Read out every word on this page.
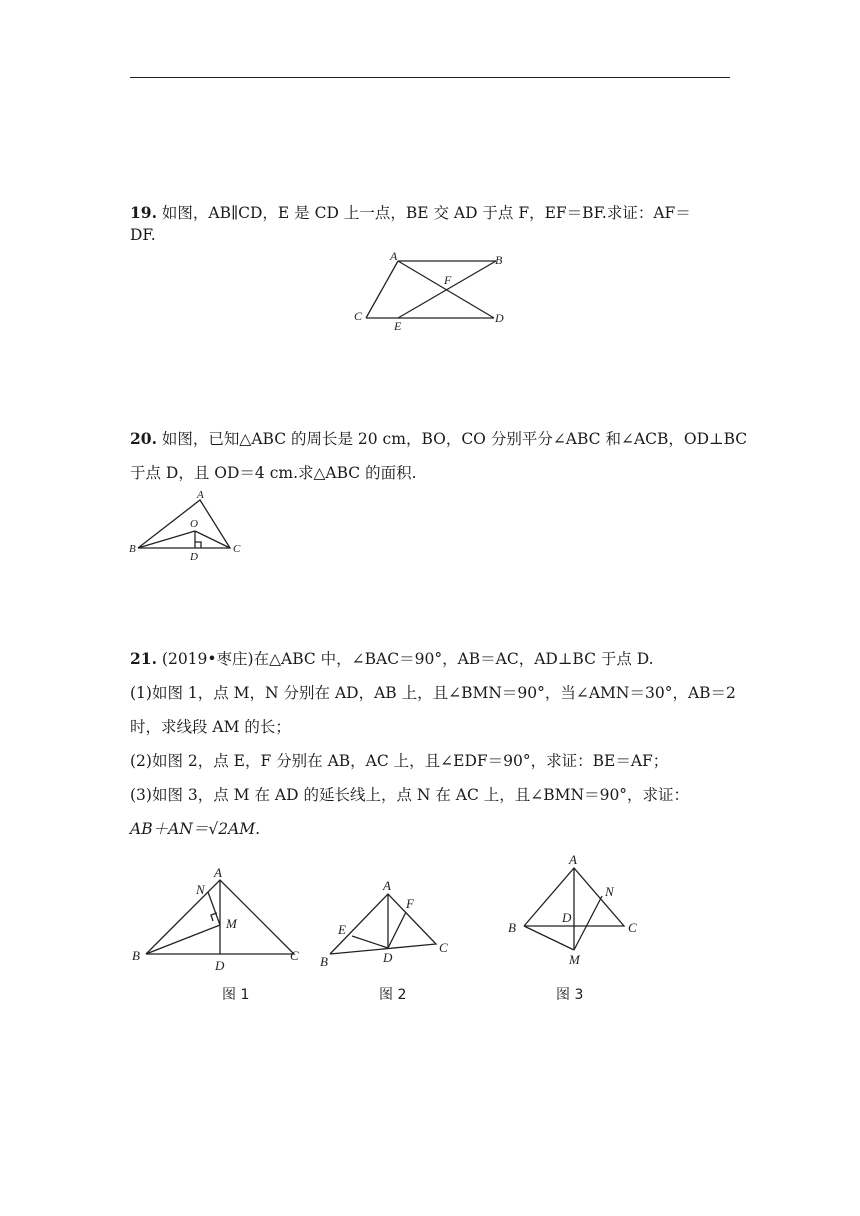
19. 如图，AB∥CD，E 是 CD 上一点，BE 交 AD 于点 F，EF＝BF.求证：AF＝
DF.
A	B
F
C
E
D
20. 如图，已知△ABC 的周长是 20 cm，BO，CO 分别平分∠ABC 和∠ACB，OD⊥BC
于点 D，且 OD＝4 cm.求△ABC 的面积.
A
O
B
D
C
21. (2019•枣庄)在△ABC 中，∠BAC＝90°，AB＝AC，AD⊥BC 于点 D.
(1)如图 1，点 M，N 分别在 AD，AB 上，且∠BMN＝90°，当∠AMN＝30°，AB＝2
时，求线段 AM 的长；
(2)如图 2，点 E，F 分别在 AB，AC 上，且∠EDF＝90°，求证：BE＝AF；
(3)如图 3，点 M 在 AD 的延长线上，点 N 在 AC 上，且∠BMN＝90°，求证：
AB＋AN＝√2AM.
A
N
M
B
D
C
图 1
A
F
E
B	D
C
图 2
A
N
D
B	C
M
图 3
